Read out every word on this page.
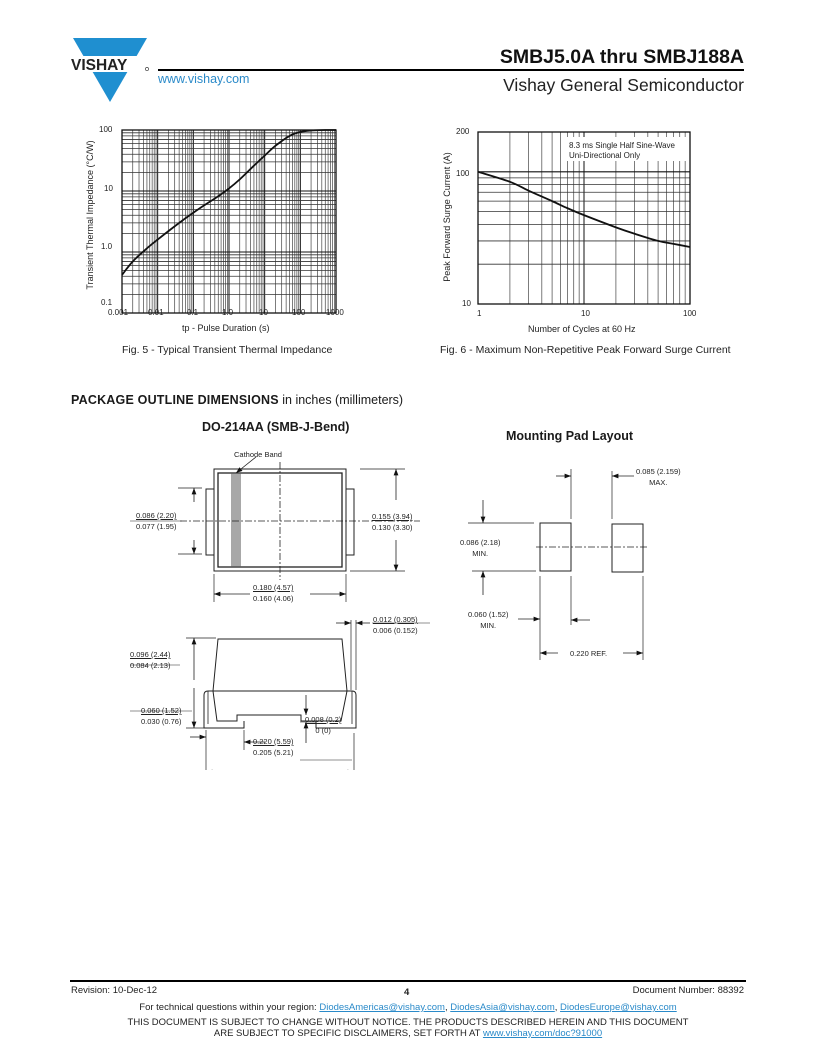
VISHAY
www.vishay.com
SMBJ5.0A thru SMBJ188A
Vishay General Semiconductor
100
10
1.0
0.1
0.001 0.01	0.1	1.0	10	100	1000
Transient Thermal Impedance (°C/W)
tp - Pulse Duration (s)
Fig. 5 - Typical Transient Thermal Impedance
200
100
10
1	10	100
Peak Forward Surge Current (A)
Number of Cycles at 60 Hz
8.3 ms Single Half Sine-Wave
Uni-Directional Only
Fig. 6 - Maximum Non-Repetitive Peak Forward Surge Current
PACKAGE OUTLINE DIMENSIONS in inches (millimeters)
DO-214AA (SMB-J-Bend)
Mounting Pad Layout
Cathode Band
0.086 (2.20)
0.077 (1.95)
0.155 (3.94)
0.130 (3.30)
0.180 (4.57)
0.160 (4.06)
0.012 (0.305)
0.006 (0.152)
0.096 (2.44)
0.084 (2.13)
0.060 (1.52)
0.030 (0.76)	0.008 (0.2)
0 (0)
0.220 (5.59)
0.205 (5.21)
0.085 (2.159)
MAX.
0.086 (2.18)
MIN.
0.060 (1.52)
MIN.
0.220 REF.
Revision: 10-Dec-12	4	Document Number: 88392
For technical questions within your region: DiodesAmericas@vishay.com, DiodesAsia@vishay.com, DiodesEurope@vishay.com
THIS DOCUMENT IS SUBJECT TO CHANGE WITHOUT NOTICE. THE PRODUCTS DESCRIBED HEREIN AND THIS DOCUMENT
ARE SUBJECT TO SPECIFIC DISCLAIMERS, SET FORTH AT www.vishay.com/doc?91000
